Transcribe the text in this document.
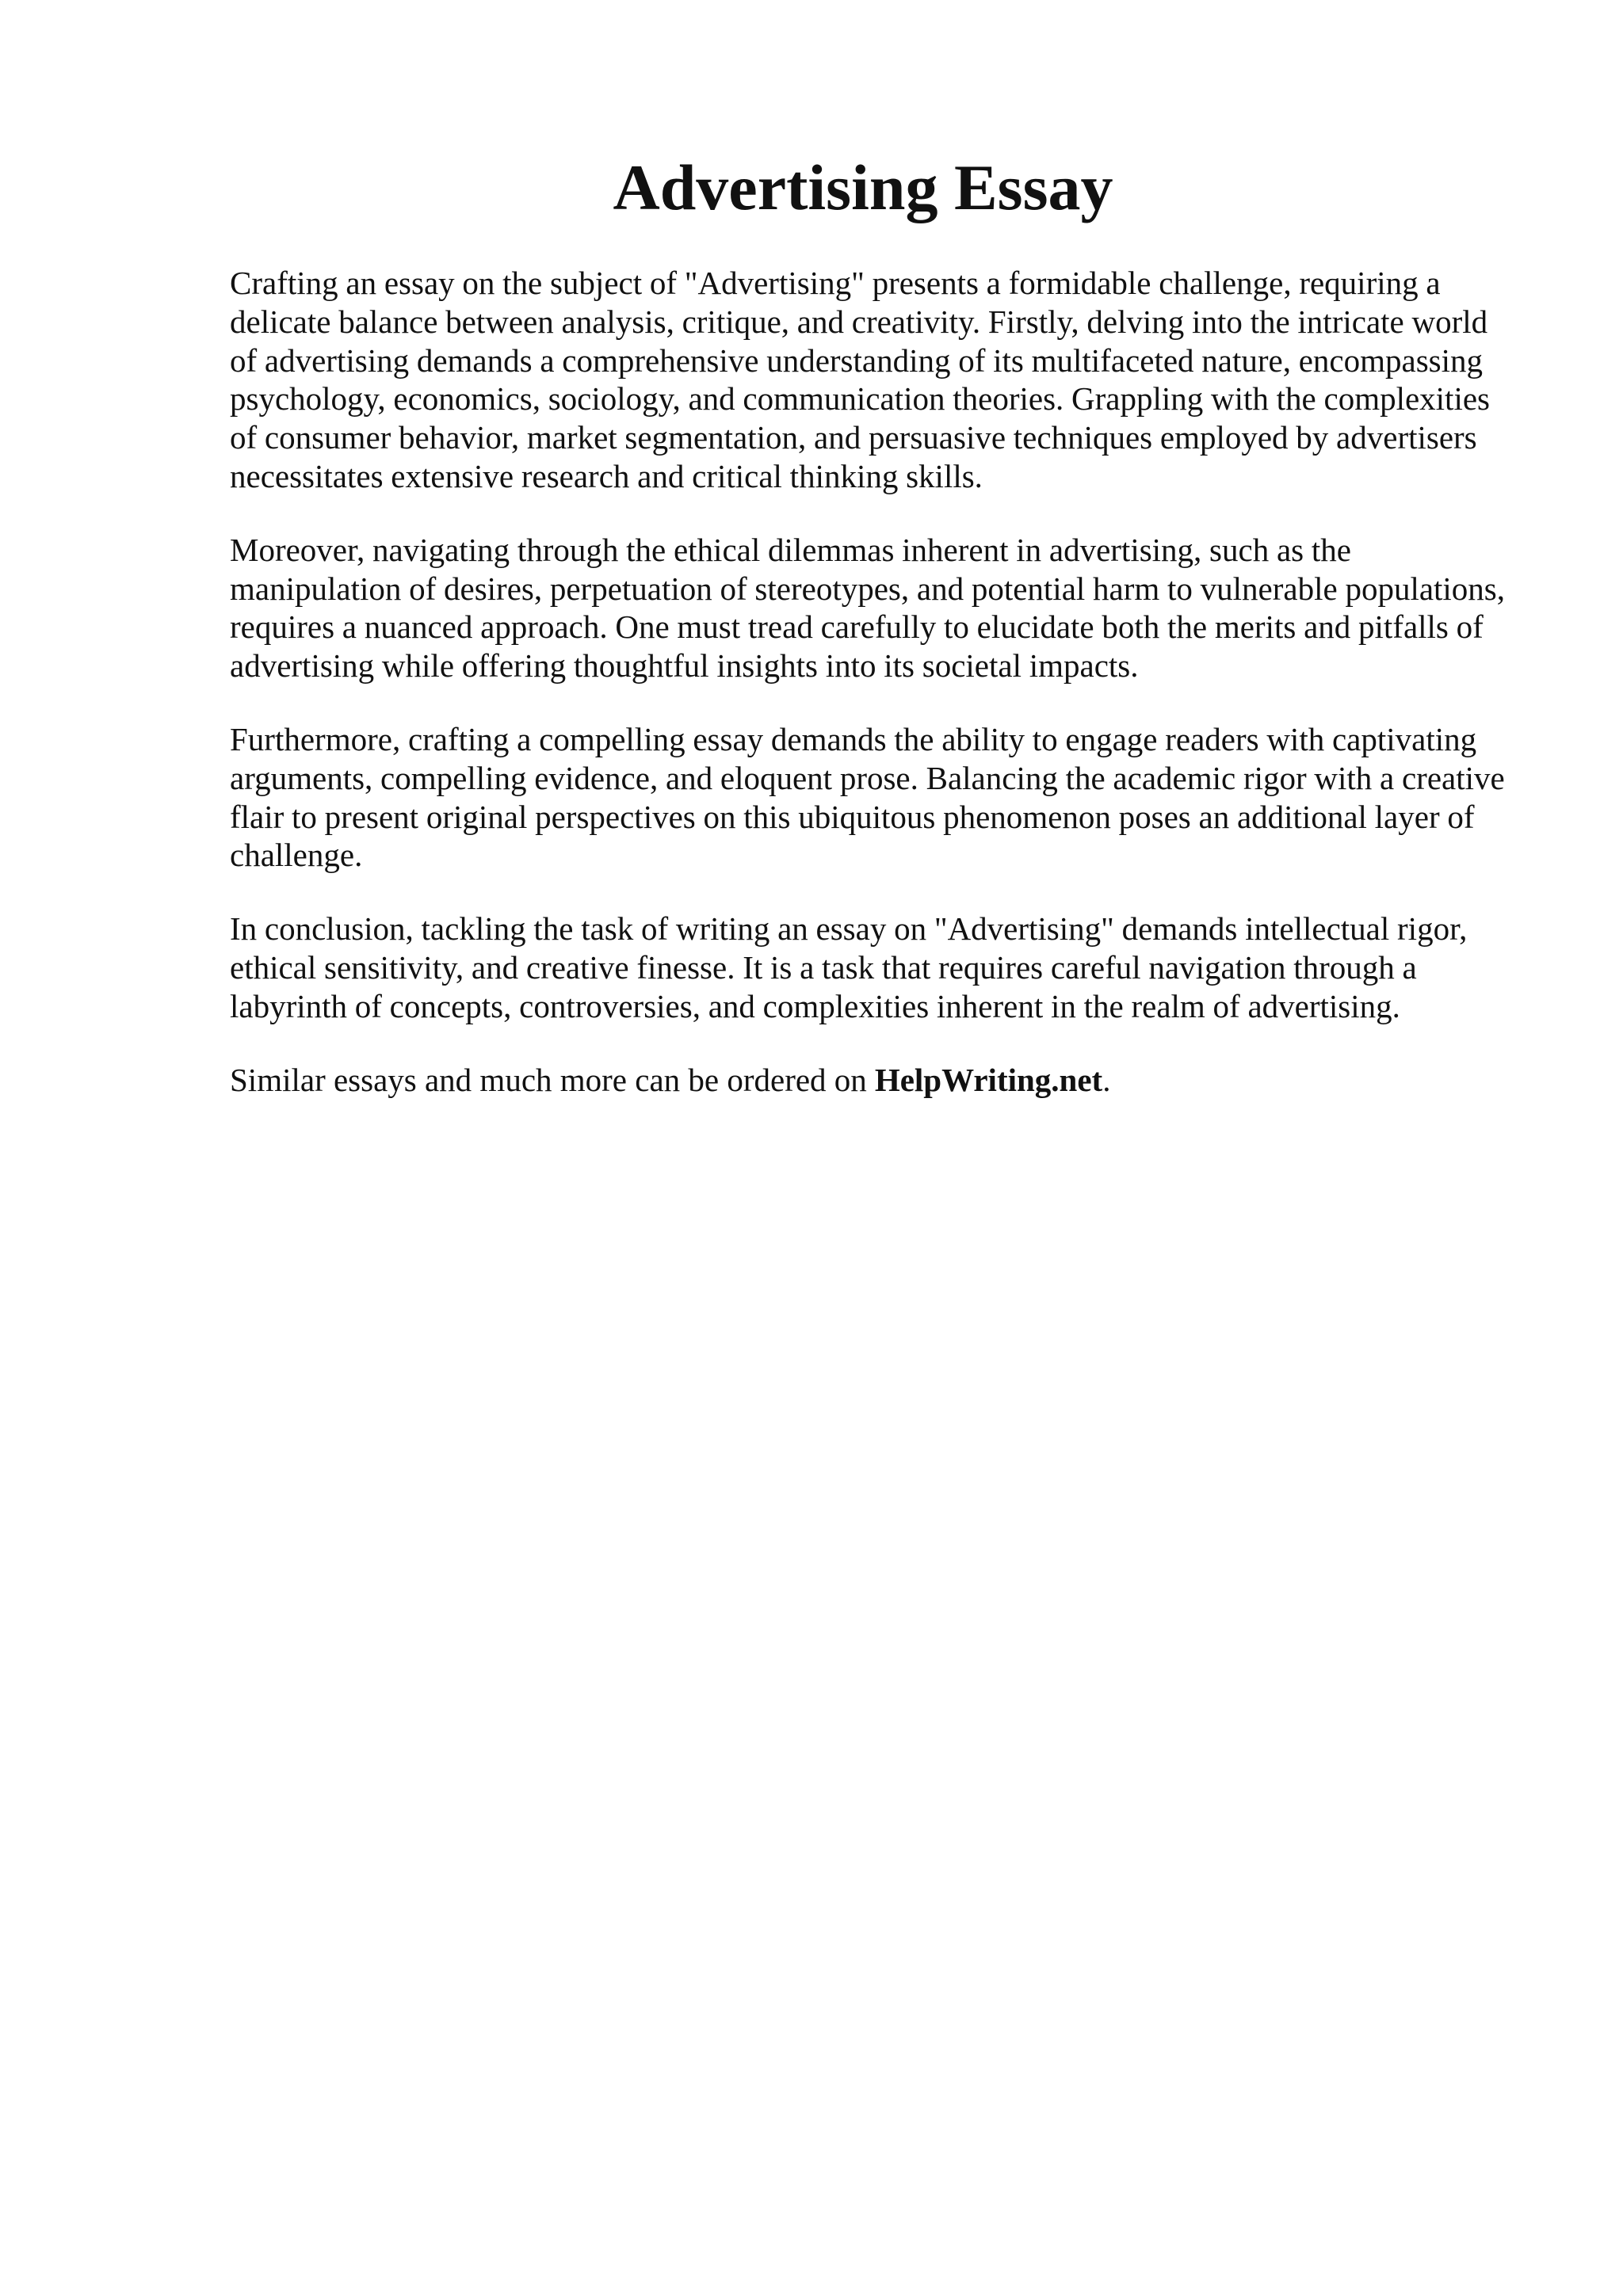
Advertising Essay

Crafting an essay on the subject of "Advertising" presents a formidable challenge, requiring a delicate balance between analysis, critique, and creativity. Firstly, delving into the intricate world of advertising demands a comprehensive understanding of its multifaceted nature, encompassing psychology, economics, sociology, and communication theories. Grappling with the complexities of consumer behavior, market segmentation, and persuasive techniques employed by advertisers necessitates extensive research and critical thinking skills.

Moreover, navigating through the ethical dilemmas inherent in advertising, such as the manipulation of desires, perpetuation of stereotypes, and potential harm to vulnerable populations, requires a nuanced approach. One must tread carefully to elucidate both the merits and pitfalls of advertising while offering thoughtful insights into its societal impacts.

Furthermore, crafting a compelling essay demands the ability to engage readers with captivating arguments, compelling evidence, and eloquent prose. Balancing the academic rigor with a creative flair to present original perspectives on this ubiquitous phenomenon poses an additional layer of challenge.

In conclusion, tackling the task of writing an essay on "Advertising" demands intellectual rigor, ethical sensitivity, and creative finesse. It is a task that requires careful navigation through a labyrinth of concepts, controversies, and complexities inherent in the realm of advertising.

Similar essays and much more can be ordered on HelpWriting.net.
